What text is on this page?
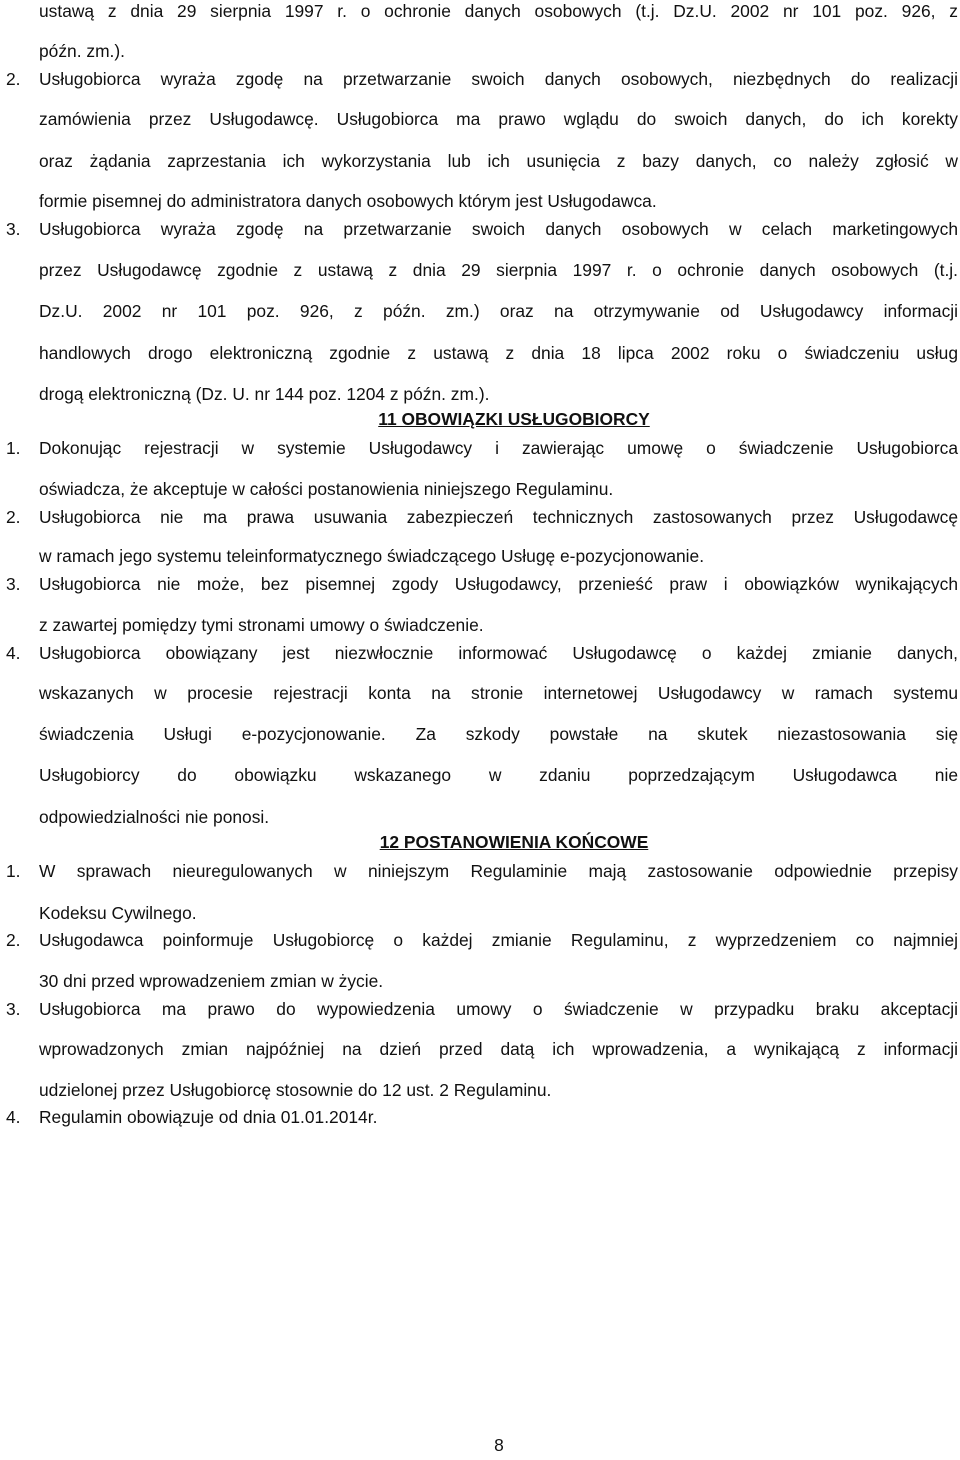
ustawą z dnia 29 sierpnia 1997 r. o ochronie danych osobowych (t.j. Dz.U. 2002 nr 101 poz. 926, z
późn. zm.).
2. Usługobiorca wyraża zgodę na przetwarzanie swoich danych osobowych, niezbędnych do realizacji
zamówienia przez Usługodawcę. Usługobiorca ma prawo wglądu do swoich danych, do ich korekty
oraz żądania zaprzestania ich wykorzystania lub ich usunięcia z bazy danych, co należy zgłosić w
formie pisemnej do administratora danych osobowych którym jest Usługodawca.
3. Usługobiorca wyraża zgodę na przetwarzanie swoich danych osobowych w celach marketingowych
przez Usługodawcę zgodnie z ustawą z dnia 29 sierpnia 1997 r. o ochronie danych osobowych (t.j.
Dz.U. 2002 nr 101 poz. 926, z późn. zm.) oraz na otrzymywanie od Usługodawcy informacji
handlowych drogo elektroniczną zgodnie z ustawą z dnia 18 lipca 2002 roku o świadczeniu usług
drogą elektroniczną (Dz. U. nr 144 poz. 1204 z późn. zm.).
11 OBOWIĄZKI USŁUGOBIORCY
1. Dokonując rejestracji w systemie Usługodawcy i zawierając umowę o świadczenie Usługobiorca
oświadcza, że akceptuje w całości postanowienia niniejszego Regulaminu.
2. Usługobiorca nie ma prawa usuwania zabezpieczeń technicznych zastosowanych przez Usługodawcę
w ramach jego systemu teleinformatycznego świadczącego Usługę e-pozycjonowanie.
3. Usługobiorca nie może, bez pisemnej zgody Usługodawcy, przenieść praw i obowiązków wynikających
z zawartej pomiędzy tymi stronami umowy o świadczenie.
4. Usługobiorca obowiązany jest niezwłocznie informować Usługodawcę o każdej zmianie danych,
wskazanych w procesie rejestracji konta na stronie internetowej Usługodawcy w ramach systemu
świadczenia Usługi e-pozycjonowanie. Za szkody powstałe na skutek niezastosowania się
Usługobiorcy do obowiązku wskazanego w zdaniu poprzedzającym Usługodawca nie
odpowiedzialności nie ponosi.
12 POSTANOWIENIA KOŃCOWE
1. W sprawach nieuregulowanych w niniejszym Regulaminie mają zastosowanie odpowiednie przepisy
Kodeksu Cywilnego.
2. Usługodawca poinformuje Usługobiorcę o każdej zmianie Regulaminu, z wyprzedzeniem co najmniej
30 dni przed wprowadzeniem zmian w życie.
3. Usługobiorca ma prawo do wypowiedzenia umowy o świadczenie w przypadku braku akceptacji
wprowadzonych zmian najpóźniej na dzień przed datą ich wprowadzenia, a wynikającą z informacji
udzielonej przez Usługobiorcę stosownie do 12 ust. 2 Regulaminu.
4. Regulamin obowiązuje od dnia 01.01.2014r.
8
